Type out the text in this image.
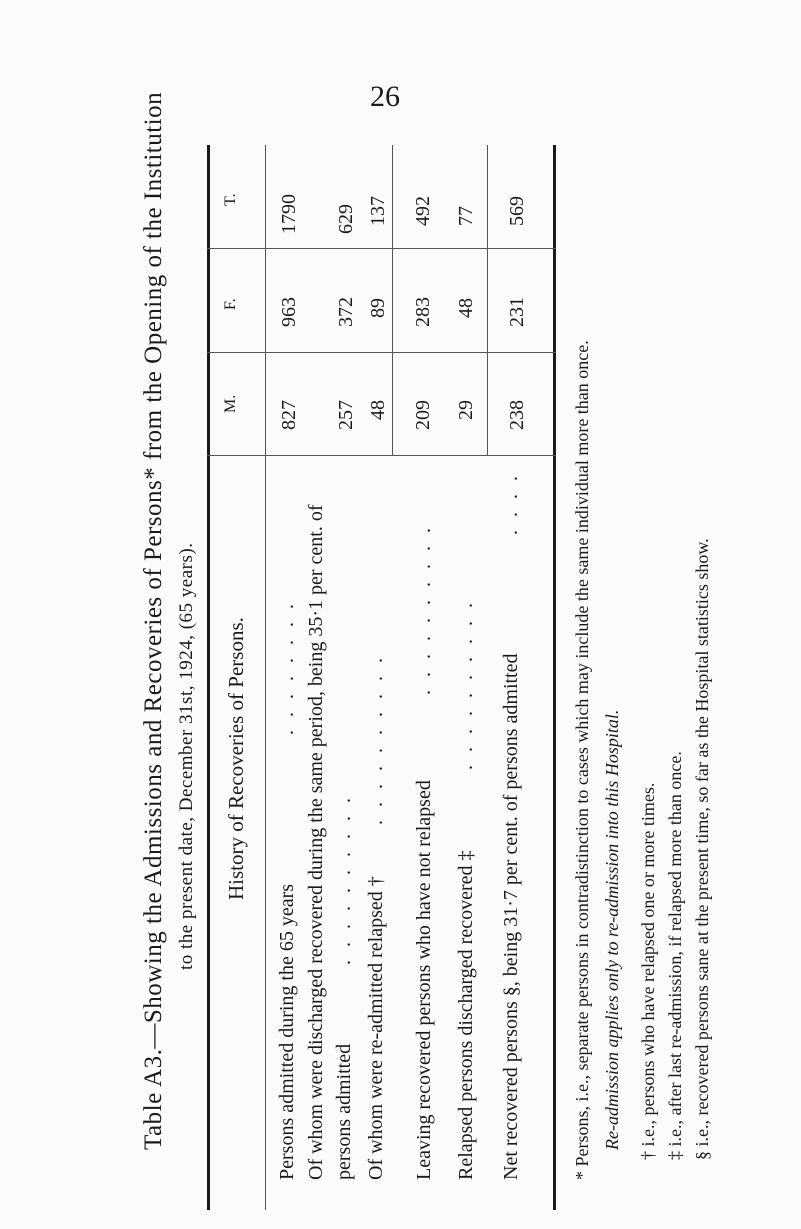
26
Table A3.—Showing the Admissions and Recoveries of Persons* from the Opening of the Institution to the present date, December 31st, 1924, (65 years).
T.
F.
M.
History of Recoveries of Persons.
Persons admitted during the 65 years
. . . . . . . .
827
963
1790
Of whom were discharged recovered during the same period, being 35·1 per cent. of persons admitted
. . . . . . . . . .
257
372
629
Of whom were re-admitted relapsed †
. . . . . . . . . .
48
89
137
Leaving recovered persons who have not relapsed
. . . . . . . . . .
209
283
492
Relapsed persons discharged recovered ‡
. . . . . . . . . .
29
48
77
Net recovered persons §, being 31·7 per cent. of persons admitted
. . . .
238
231
569
* Persons, i.e., separate persons in contradistinction to cases which may include the same individual more than once. Re-admission applies only to re-admission into this Hospital.
† i.e., persons who have relapsed one or more times.
‡ i.e., after last re-admission, if relapsed more than once.
§ i.e., recovered persons sane at the present time, so far as the Hospital statistics show.
